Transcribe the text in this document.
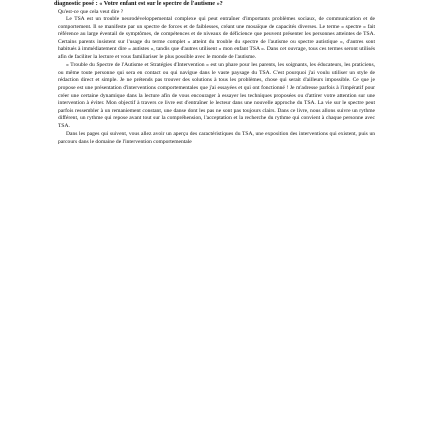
diagnostic posé : « Votre enfant est sur le spectre de l'autisme »?

Qu'est-ce que cela veut dire ?

Le TSA est un trouble neurodéveloppemental complexe qui peut entraîner d'importants problèmes sociaux, de communication et de comportement. Il se manifeste par un spectre de forces et de faiblesses, créant une mosaïque de capacités diverses. Le terme « spectre » fait référence au large éventail de symptômes, de compétences et de niveaux de déficience que peuvent présenter les personnes atteintes de TSA. Certains parents insistent sur l'usage du terme complet « atteint du trouble du spectre de l'autisme ou spectre autistique », d'autres sont habitués à immédiatement dire « autistes », tandis que d'autres utilisent « mon enfant TSA ». Dans cet ouvrage, tous ces termes seront utilisés afin de faciliter la lecture et vous familiariser le plus possible avec le monde de l'autisme.

« Trouble du Spectre de l'Autisme et Stratégies d'Intervention » est un phare pour les parents, les soignants, les éducateurs, les praticiens, ou même toute personne qui sera en contact ou qui navigue dans le vaste paysage du TSA. C'est pourquoi j'ai voulu utiliser un style de rédaction direct et simple. Je ne prétends pas trouver des solutions à tous les problèmes, chose qui serait d'ailleurs impossible. Ce que je propose est une présentation d'interventions comportementales que j'ai essayées et qui ont fonctionné ! Je m'adresse parfois à l'impératif pour créer une certaine dynamique dans la lecture afin de vous encourager à essayer les techniques proposées ou d'attirer votre attention sur une intervention à éviter. Mon objectif à travers ce livre est d'entraîner le lecteur dans une nouvelle approche du TSA. La vie sur le spectre peut parfois ressembler à un remaniement constant, une danse dont les pas ne sont pas toujours clairs. Dans ce livre, nous allons suivre un rythme différent, un rythme qui repose avant tout sur la compréhension, l'acceptation et la recherche du rythme qui convient à chaque personne avec TSA.

Dans les pages qui suivent, vous allez avoir un aperçu des caractéristiques du TSA, une exposition des interventions qui existent, puis un parcours dans le domaine de l'intervention comportementale
